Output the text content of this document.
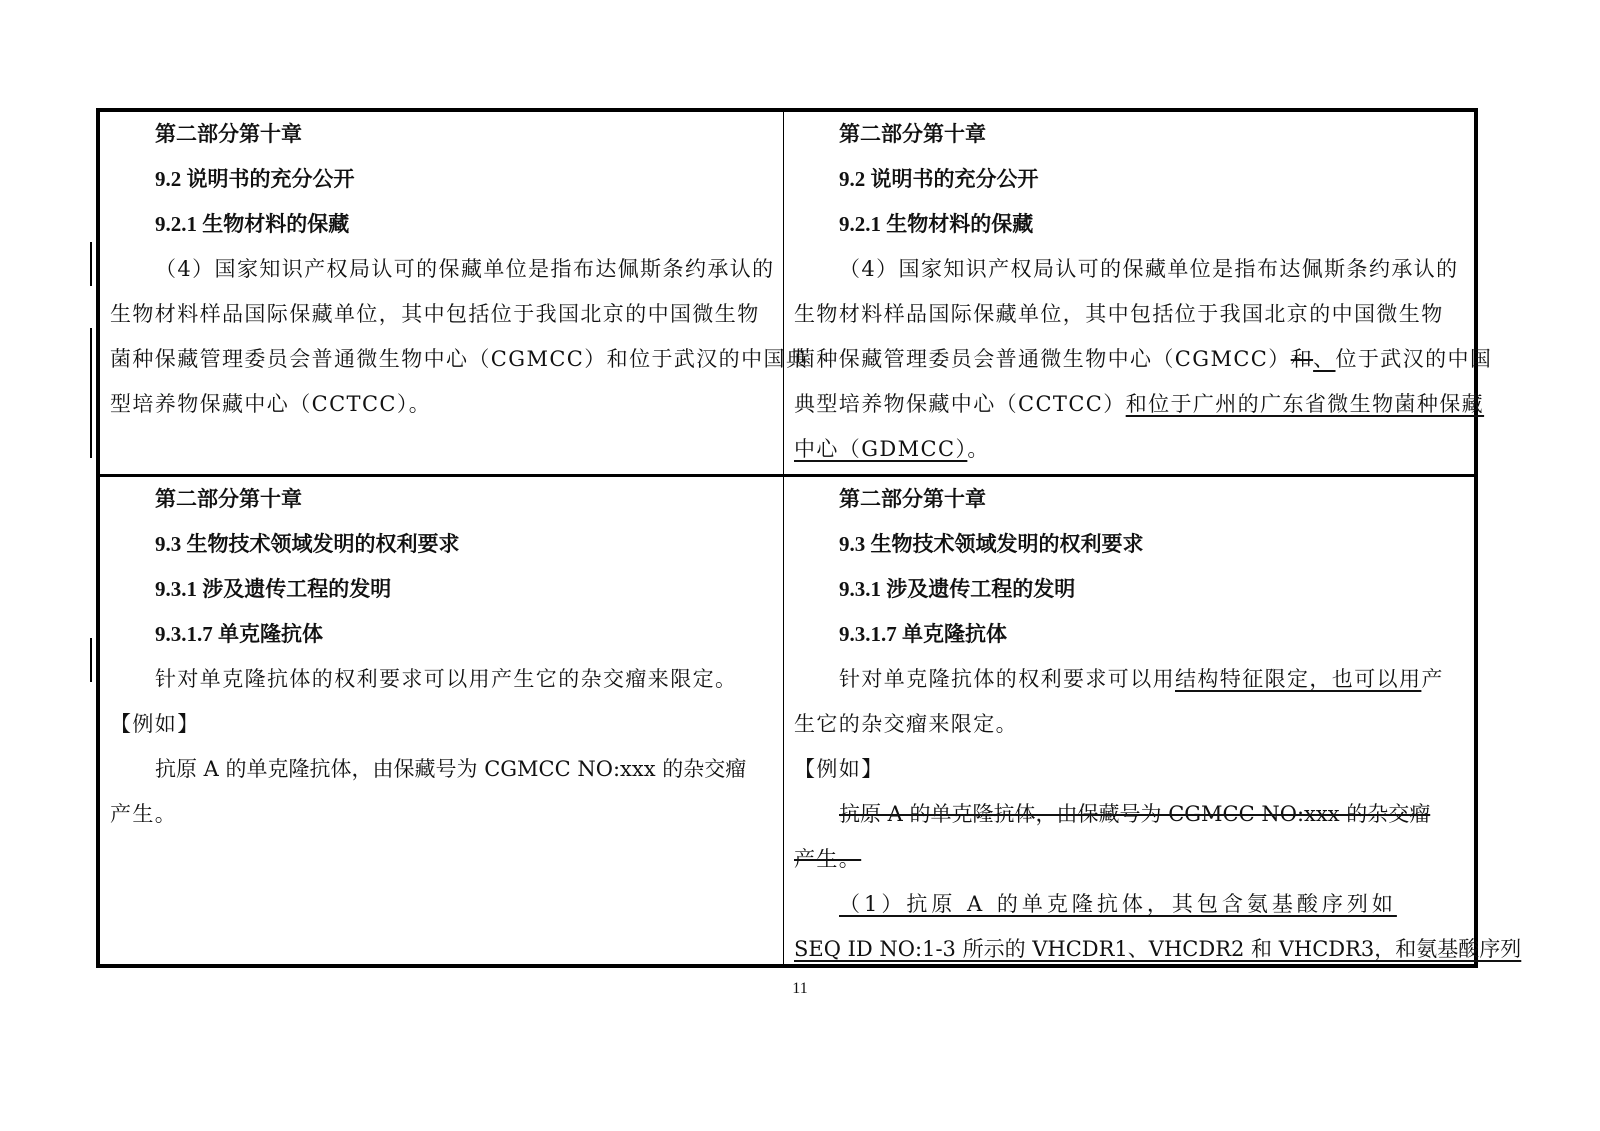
第二部分第十章

9.2 说明书的充分公开

9.2.1 生物材料的保藏

（4）国家知识产权局认可的保藏单位是指布达佩斯条约承认的

生物材料样品国际保藏单位，其中包括位于我国北京的中国微生物

菌种保藏管理委员会普通微生物中心（CGMCC）和位于武汉的中国典

型培养物保藏中心（CCTCC）。

第二部分第十章

9.2 说明书的充分公开

9.2.1 生物材料的保藏

（4）国家知识产权局认可的保藏单位是指布达佩斯条约承认的

生物材料样品国际保藏单位，其中包括位于我国北京的中国微生物

菌种保藏管理委员会普通微生物中心（CGMCC）和、位于武汉的中国

典型培养物保藏中心（CCTCC）和位于广州的广东省微生物菌种保藏

中心（GDMCC）。

第二部分第十章

9.3 生物技术领域发明的权利要求

9.3.1 涉及遗传工程的发明

9.3.1.7 单克隆抗体

针对单克隆抗体的权利要求可以用产生它的杂交瘤来限定。

【例如】

抗原 A 的单克隆抗体，由保藏号为 CGMCC NO:xxx 的杂交瘤

产生。

第二部分第十章

9.3 生物技术领域发明的权利要求

9.3.1 涉及遗传工程的发明

9.3.1.7 单克隆抗体

针对单克隆抗体的权利要求可以用结构特征限定，也可以用产

生它的杂交瘤来限定。

【例如】

抗原 A 的单克隆抗体，由保藏号为 CGMCC NO:xxx 的杂交瘤

产生。

（1）抗原 A 的单克隆抗体，其包含氨基酸序列如

SEQ ID NO:1-3 所示的 VHCDR1、VHCDR2 和 VHCDR3，和氨基酸序列

11
